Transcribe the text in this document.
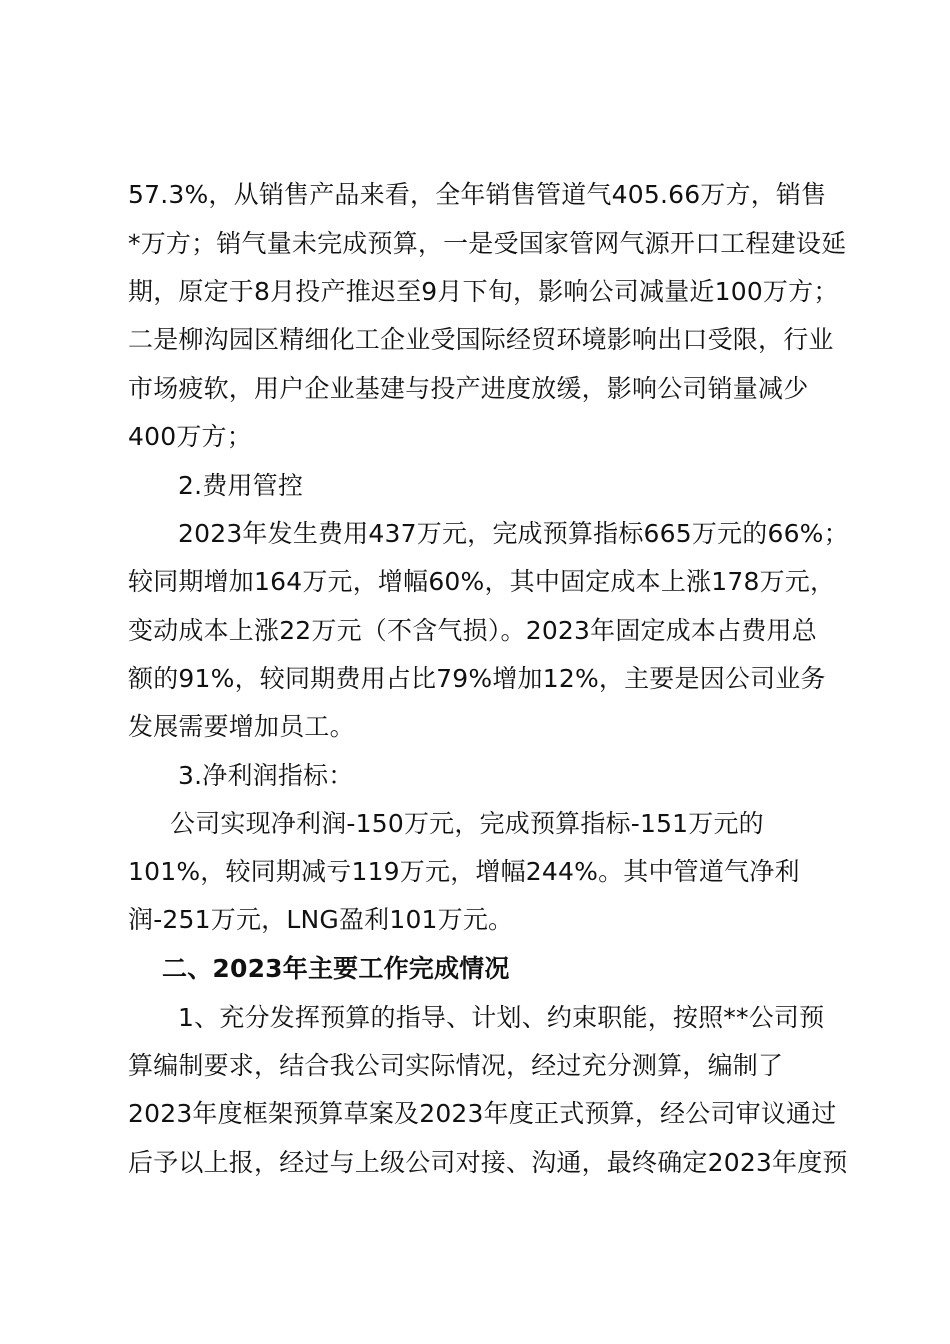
57.3%，从销售产品来看，全年销售管道气405.66万方，销售
*万方；销气量未完成预算，一是受国家管网气源开口工程建设延
期，原定于8月投产推迟至9月下旬，影响公司减量近100万方；
二是柳沟园区精细化工企业受国际经贸环境影响出口受限，行业
市场疲软，用户企业基建与投产进度放缓，影响公司销量减少
400万方；
2.费用管控
2023年发生费用437万元，完成预算指标665万元的66%；
较同期增加164万元，增幅60%，其中固定成本上涨178万元，
变动成本上涨22万元（不含气损）。2023年固定成本占费用总
额的91%，较同期费用占比79%增加12%，主要是因公司业务
发展需要增加员工。
3.净利润指标：
公司实现净利润-150万元，完成预算指标-151万元的
101%，较同期减亏119万元，增幅244%。其中管道气净利
润-251万元，LNG盈利101万元。
二、2023年主要工作完成情况
1、充分发挥预算的指导、计划、约束职能，按照**公司预
算编制要求，结合我公司实际情况，经过充分测算，编制了
2023年度框架预算草案及2023年度正式预算，经公司审议通过
后予以上报，经过与上级公司对接、沟通，最终确定2023年度预
